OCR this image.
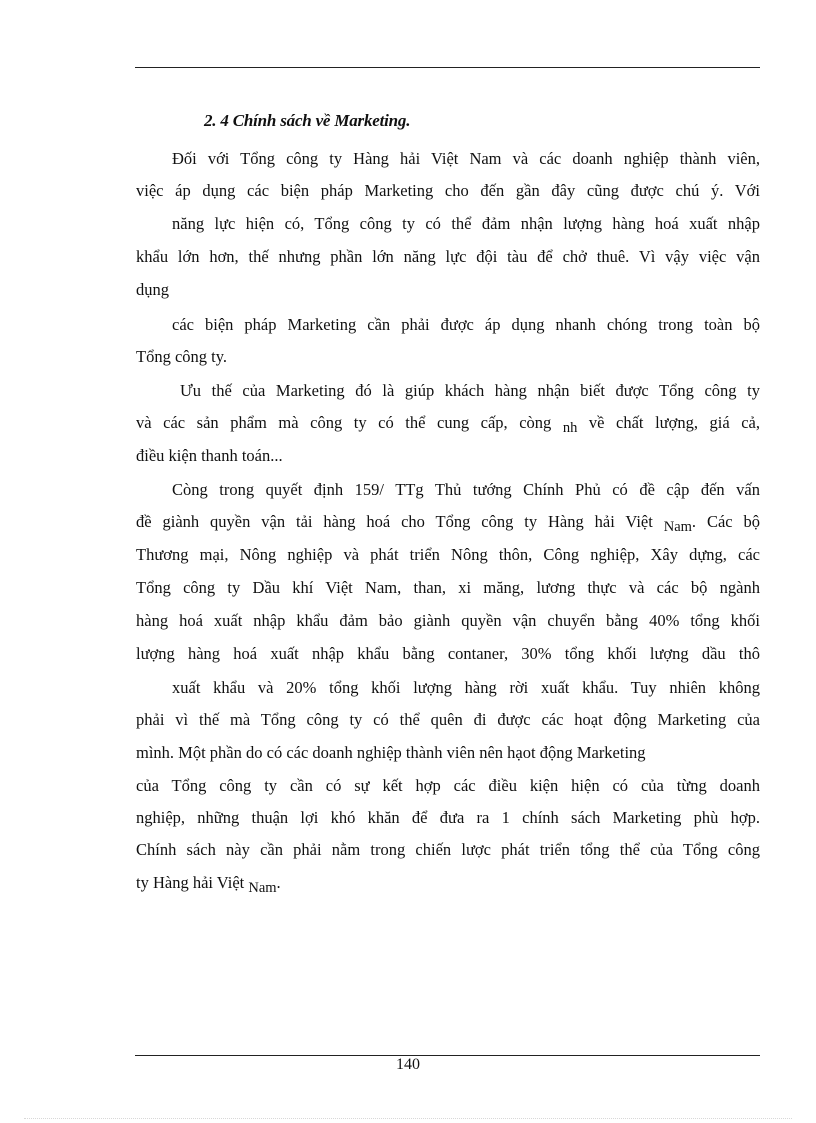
2. 4 Chính sách về Marketing.
Đối với Tổng công ty Hàng hải Việt Nam và các doanh nghiệp thành viên,
việc áp dụng các biện pháp Marketing cho đến gần đây cũng được chú ý. Với
năng lực hiện có, Tổng công ty có thể đảm nhận lượng hàng hoá xuất nhập
khẩu lớn hơn, thế nhưng phần lớn năng lực đội tàu để chở thuê. Vì vậy việc vận
dụng
các biện pháp Marketing cần phải được áp dụng nhanh chóng trong toàn bộ
Tổng công ty.
Ưu thế của Marketing đó là giúp khách hàng nhận biết được Tổng công ty
và các sản phẩm mà công ty có thể cung cấp, còng nh về chất lượng, giá cả,
điều kiện thanh toán...
Còng trong quyết định 159/ TTg Thủ tướng Chính Phủ có đề cập đến vấn
đề giành quyền vận tải hàng hoá cho Tổng công ty Hàng hải Việt Nam. Các bộ
Thương mại, Nông nghiệp và phát triển Nông thôn, Công nghiệp, Xây dựng, các
Tổng công ty Dầu khí Việt Nam, than, xi măng, lương thực và các bộ ngành
hàng hoá xuất nhập khẩu đảm bảo giành quyền vận chuyển bằng 40% tổng khối
lượng hàng hoá xuất nhập khẩu bằng contaner, 30% tổng khối lượng dầu thô
xuất khẩu và 20% tổng khối lượng hàng rời xuất khẩu. Tuy nhiên không
phải vì thế mà Tổng công ty có thể quên đi được các hoạt động Marketing của
mình. Một phần do có các doanh nghiệp thành viên nên hạot động Marketing
của Tổng công ty cần có sự kết hợp các điều kiện hiện có của từng doanh
nghiệp, những thuận lợi khó khăn để đưa ra 1 chính sách Marketing phù hợp.
Chính sách này cần phải nằm trong chiến lược phát triển tổng thể của Tổng công
ty Hàng hải Việt Nam.
140
